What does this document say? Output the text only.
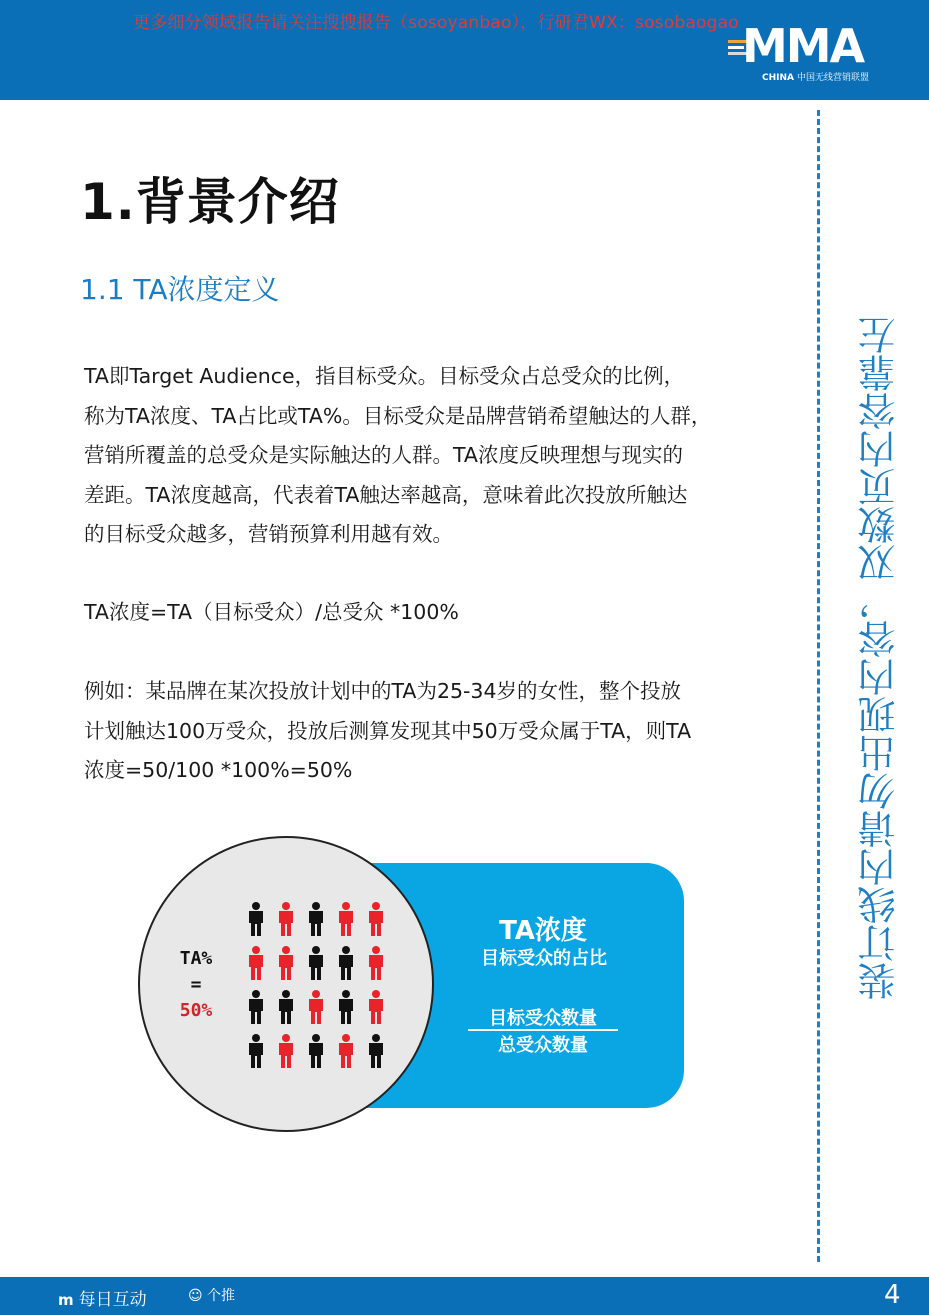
更多细分领域报告请关注搜搜报告（sosoyanbao），行研君WX：sosobaogao MMA
CHINA 中国无线营销联盟
装订线内请勿出现内容，双数页内容靠左
1.背景介绍
1.1 TA浓度定义
TA即Target Audience，指目标受众。目标受众占总受众的比例，
称为TA浓度、TA占比或TA%。目标受众是品牌营销希望触达的人群，
营销所覆盖的总受众是实际触达的人群。TA浓度反映理想与现实的
差距。TA浓度越高，代表着TA触达率越高，意味着此次投放所触达
的目标受众越多，营销预算利用越有效。
TA浓度=TA（目标受众）/总受众 *100%
例如：某品牌在某次投放计划中的TA为25-34岁的女性，整个投放
计划触达100万受众，投放后测算发现其中50万受众属于TA，则TA
浓度=50/100 *100%=50%
TA浓度
目标受众的占比
目标受众数量
总受众数量
TA%
=
50%
m 每日互动	☺ 个推	4
